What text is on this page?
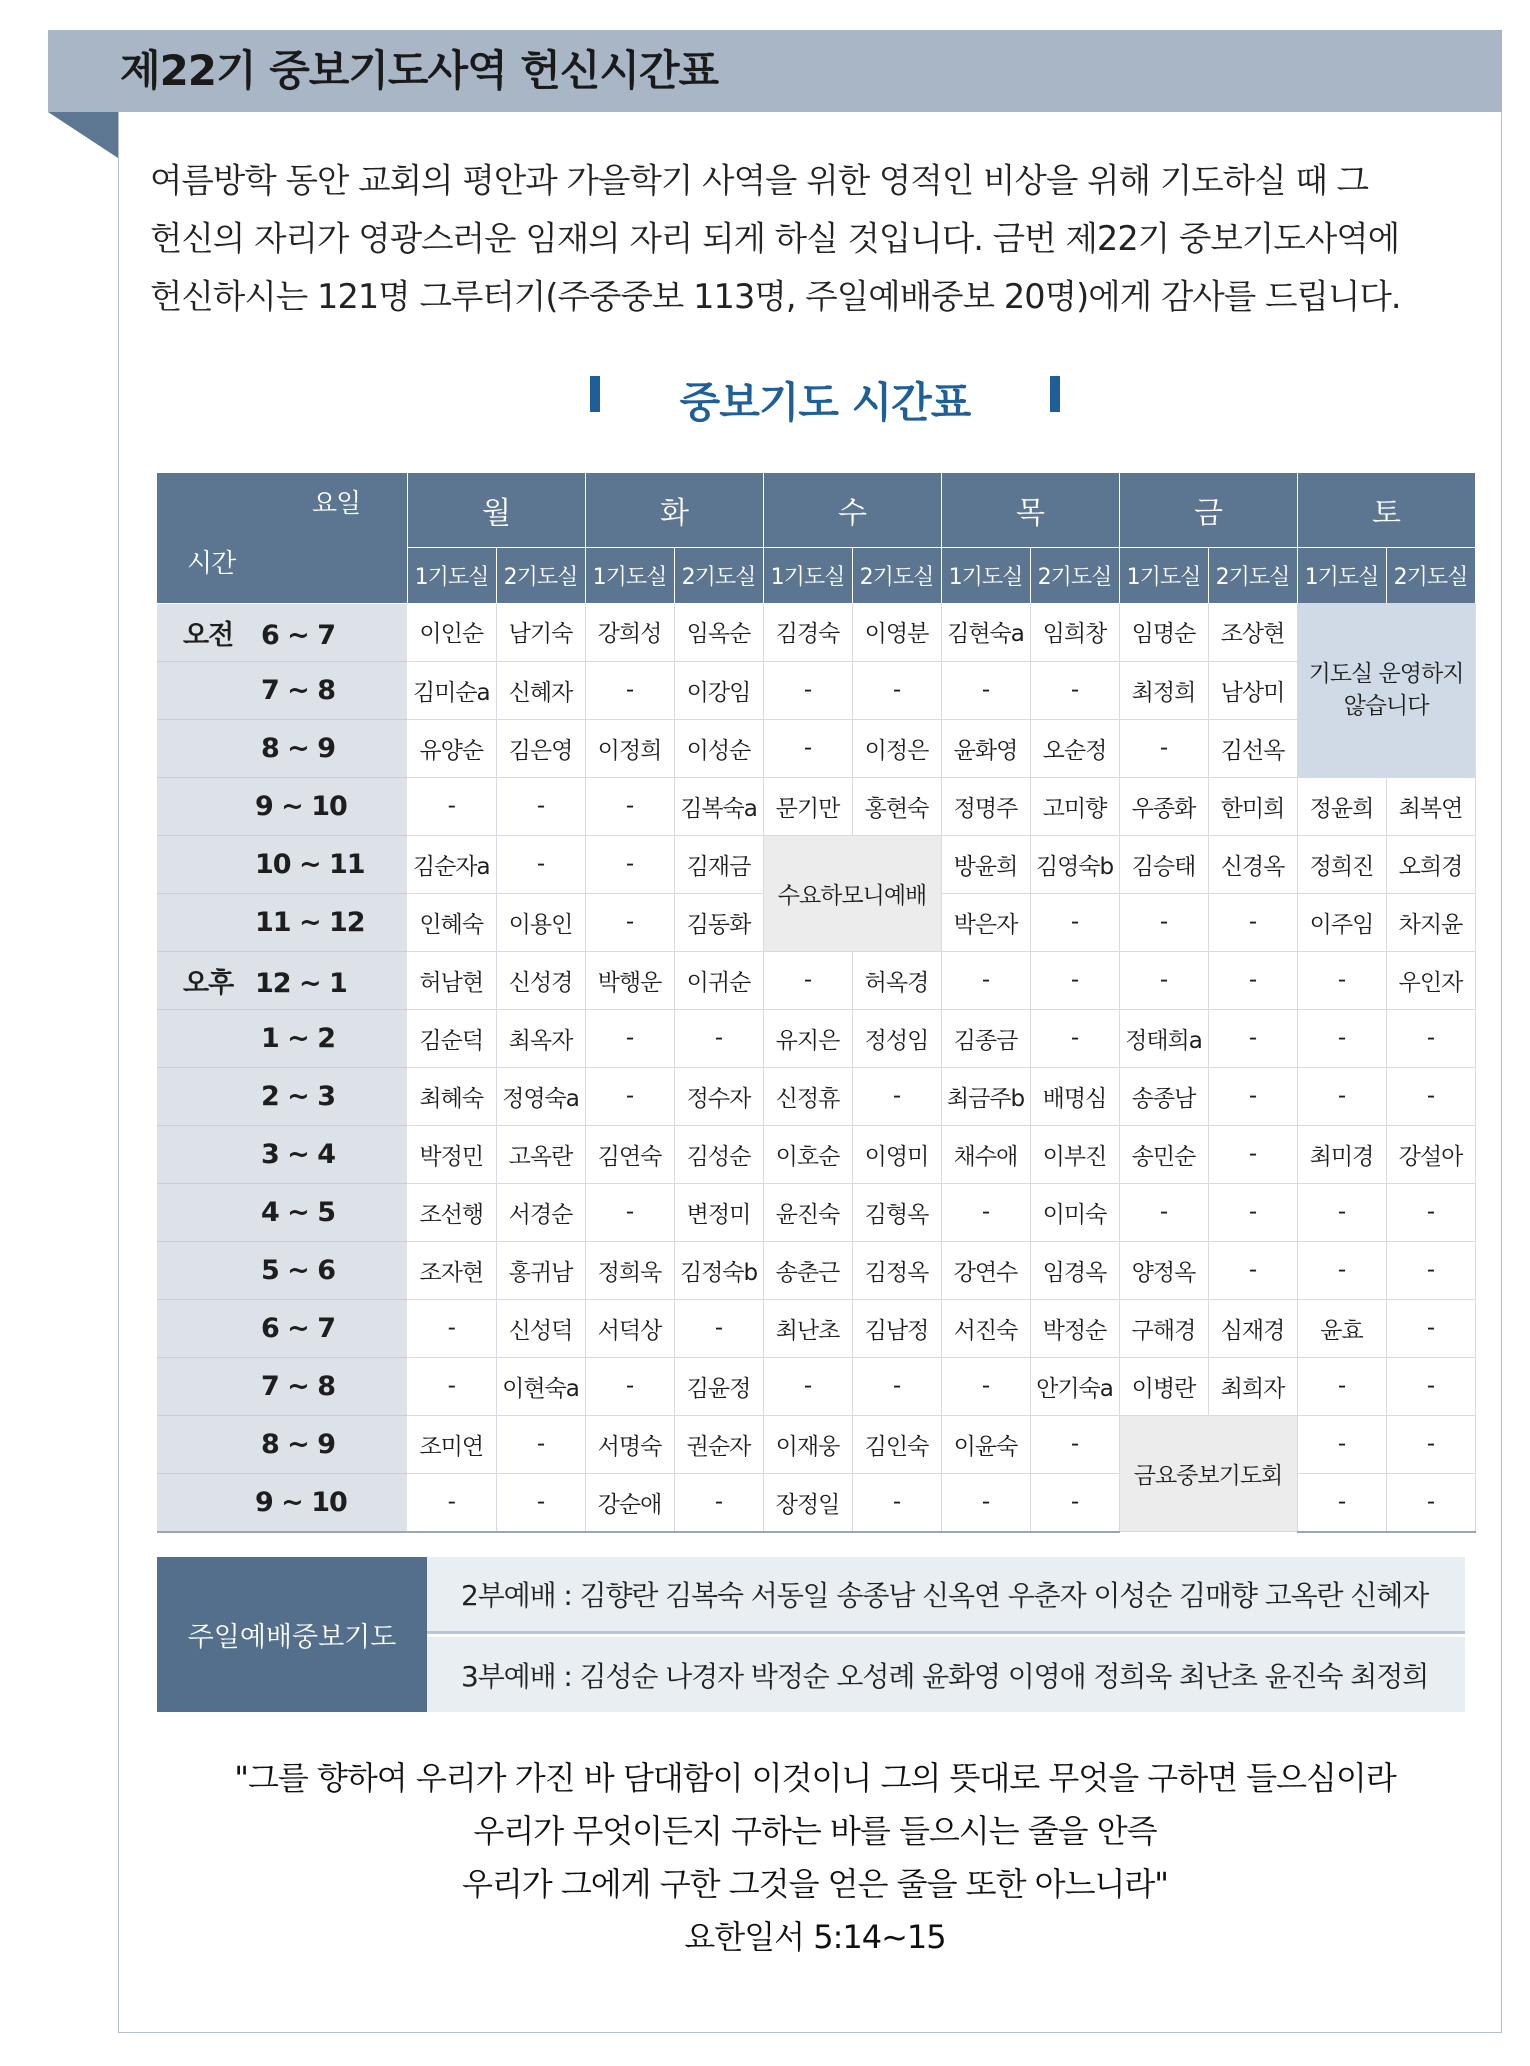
제22기 중보기도사역 헌신시간표

여름방학 동안 교회의 평안과 가을학기 사역을 위한 영적인 비상을 위해 기도하실 때 그

헌신의 자리가 영광스러운 임재의 자리 되게 하실 것입니다. 금번 제22기 중보기도사역에

헌신하시는 121명 그루터기(주중중보 113명, 주일예배중보 20명)에게 감사를 드립니다.

중보기도 시간표
요일
시간	월		화		수		목		금		토	
	1기도실	2기도실	1기도실	2기도실	1기도실	2기도실	1기도실	2기도실	1기도실	2기도실	1기도실	2기도실
오전 6 ~ 7	이인순	남기숙	강희성	임옥순	김경숙	이영분	김현숙a	임희창	임명순	조상현	기도실 운영하지 않습니다	
7 ~ 8	김미순a	신혜자	-	이강임	-	-	-	-	최정희	남상미		
8 ~ 9	유양순	김은영	이정희	이성순	-	이정은	윤화영	오순정	-	김선옥		
9 ~ 10	-	-	-	김복숙a	문기만	홍현숙	정명주	고미향	우종화	한미희	정윤희	최복연
10 ~ 11	김순자a	-	-	김재금	수요하모니예배		방윤희	김영숙b	김승태	신경옥	정희진	오희경
11 ~ 12	인혜숙	이용인	-	김동화			박은자	-	-	-	이주임	차지윤
오후 12 ~ 1	허남현	신성경	박행운	이귀순	-	허옥경	-	-	-	-	-	우인자
1 ~ 2	김순덕	최옥자	-	-	유지은	정성임	김종금	-	정태희a	-	-	-
2 ~ 3	최혜숙	정영숙a	-	정수자	신정휴	-	최금주b	배명심	송종남	-	-	-
3 ~ 4	박정민	고옥란	김연숙	김성순	이호순	이영미	채수애	이부진	송민순	-	최미경	강설아
4 ~ 5	조선행	서경순	-	변정미	윤진숙	김형옥	-	이미숙	-	-	-	-
5 ~ 6	조자현	홍귀남	정희욱	김정숙b	송춘근	김정옥	강연수	임경옥	양정옥	-	-	-
6 ~ 7	-	신성덕	서덕상	-	최난초	김남정	서진숙	박정순	구해경	심재경	윤효	-
7 ~ 8	-	이현숙a	-	김윤정	-	-	-	안기숙a	이병란	최희자	-	-
8 ~ 9	조미연	-	서명숙	권순자	이재웅	김인숙	이윤숙	-	금요중보기도회		-	-
9 ~ 10	-	-	강순애	-	장정일	-	-	-			-	-
주일예배중보기도
2부예배 : 김향란 김복숙 서동일 송종남 신옥연 우춘자 이성순 김매향 고옥란 신혜자
3부예배 : 김성순 나경자 박정순 오성례 윤화영 이영애 정희욱 최난초 윤진숙 최정희

"그를 향하여 우리가 가진 바 담대함이 이것이니 그의 뜻대로 무엇을 구하면 들으심이라

우리가 무엇이든지 구하는 바를 들으시는 줄을 안즉

우리가 그에게 구한 그것을 얻은 줄을 또한 아느니라"

요한일서 5:14~15
